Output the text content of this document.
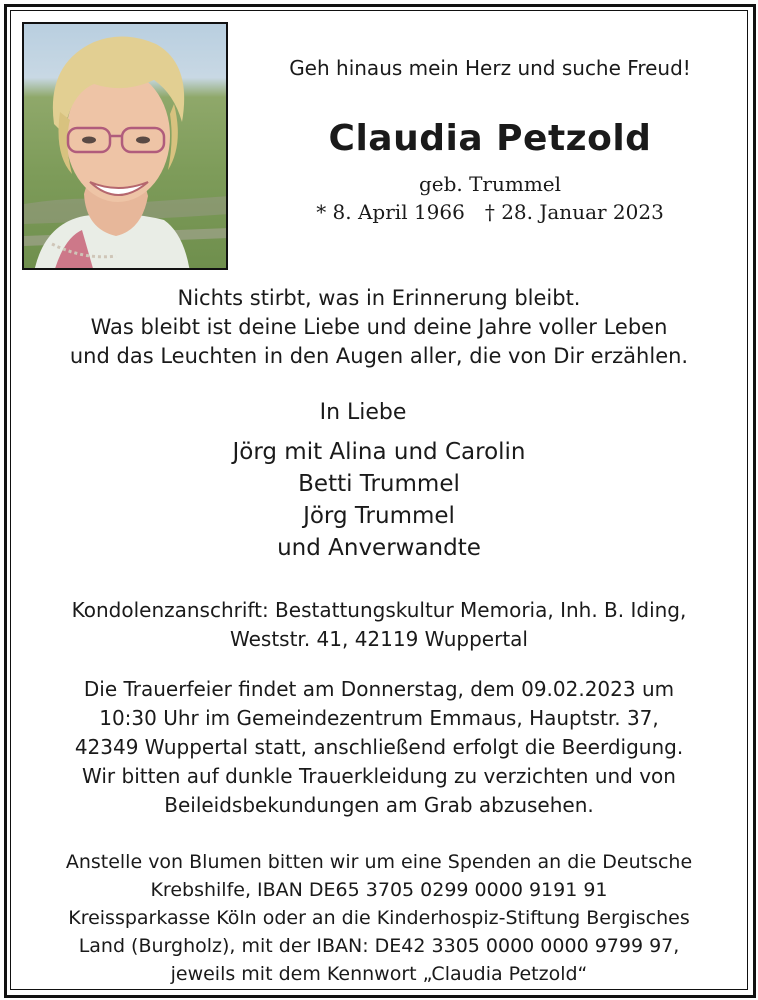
Geh hinaus mein Herz und suche Freud!
Claudia Petzold
geb. Trummel
* 8. April 1966 † 28. Januar 2023
Nichts stirbt, was in Erinnerung bleibt.
Was bleibt ist deine Liebe und deine Jahre voller Leben
und das Leuchten in den Augen aller, die von Dir erzählen.
In Liebe
Jörg mit Alina und Carolin
Betti Trummel
Jörg Trummel
und Anverwandte
Kondolenzanschrift: Bestattungskultur Memoria, Inh. B. Iding,
Weststr. 41, 42119 Wuppertal
Die Trauerfeier findet am Donnerstag, dem 09.02.2023 um
10:30 Uhr im Gemeindezentrum Emmaus, Hauptstr. 37,
42349 Wuppertal statt, anschließend erfolgt die Beerdigung.
Wir bitten auf dunkle Trauerkleidung zu verzichten und von
Beileidsbekundungen am Grab abzusehen.
Anstelle von Blumen bitten wir um eine Spenden an die Deutsche
Krebshilfe, IBAN DE65 3705 0299 0000 9191 91
Kreissparkasse Köln oder an die Kinderhospiz-Stiftung Bergisches
Land (Burgholz), mit der IBAN: DE42 3305 0000 0000 9799 97,
jeweils mit dem Kennwort „Claudia Petzold“
